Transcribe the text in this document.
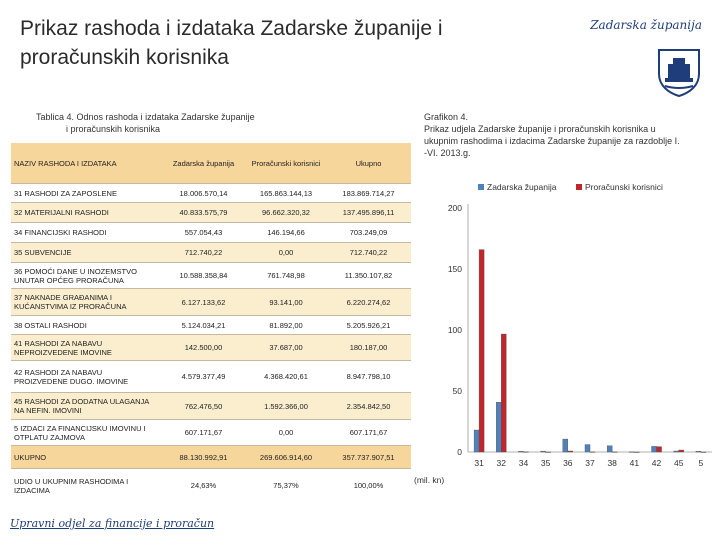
Prikaz rashoda i izdataka Zadarske županije i
proračunskih korisnika
Zadarska županija
Tablica 4. Odnos rashoda i izdataka Zadarske županije
i proračunskih korisnika
Grafikon 4.
Prikaz udjela Zadarske županije i proračunskih korisnika u
ukupnim rashodima i izdacima Zadarske županije za razdoblje I.
-VI. 2013.g.
NAZIV RASHODA I IZDATAKA	Zadarska županija	Proračunski korisnici	Ukupno
31 RASHODI ZA ZAPOSLENE	18.006.570,14	165.863.144,13	183.869.714,27
32 MATERIJALNI RASHODI	40.833.575,79	96.662.320,32	137.495.896,11
34 FINANCIJSKI RASHODI	557.054,43	146.194,66	703.249,09
35 SUBVENCIJE	712.740,22	0,00	712.740,22
36 POMOĆI DANE U INOZEMSTVO UNUTAR OPĆEG PRORAČUNA	10.588.358,84	761.748,98	11.350.107,82
37 NAKNADE GRAĐANIMA I KUĆANSTVIMA IZ PRORAČUNA	6.127.133,62	93.141,00	6.220.274,62
38 OSTALI RASHODI	5.124.034,21	81.892,00	5.205.926,21
41 RASHODI ZA NABAVU NEPROIZVEDENE IMOVINE	142.500,00	37.687,00	180.187,00
42 RASHODI ZA NABAVU PROIZVEDENE DUGO. IMOVINE	4.579.377,49	4.368.420,61	8.947.798,10
45 RASHODI ZA DODATNA ULAGANJA NA NEFIN. IMOVINI	762.476,50	1.592.366,00	2.354.842,50
5 IZDACI ZA FINANCIJSKU IMOVINU I OTPLATU ZAJMOVA	607.171,67	0,00	607.171,67
UKUPNO	88.130.992,91	269.606.914,60	357.737.907,51
UDIO U UKUPNIM RASHODIMA I IZDACIMA	24,63%	75,37%	100,00%
Zadarska županija	Proračunski korisnici
0
50
100
150
200
31 32 34 35 36 37 38 41 42 45 5
(mil. kn)
Upravni odjel za financije i proračun
